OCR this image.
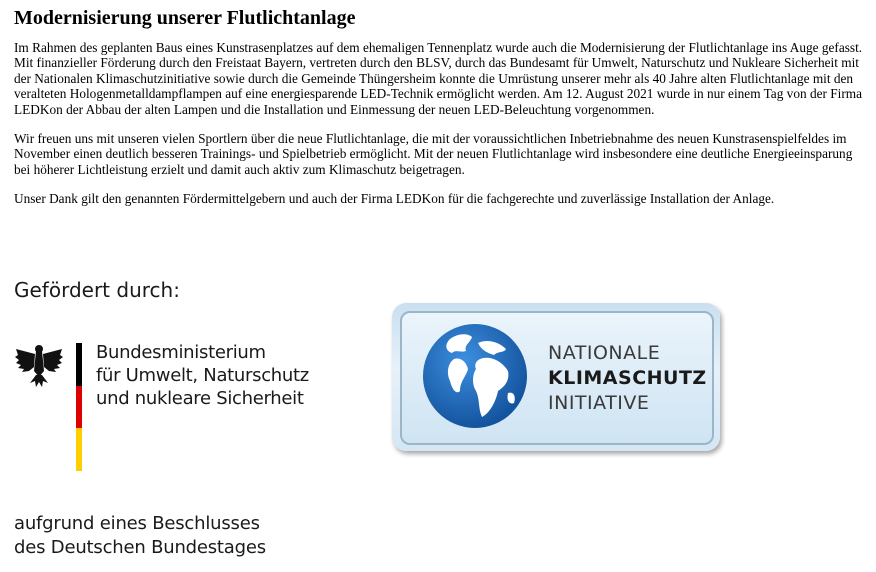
Modernisierung unserer Flutlichtanlage

Im Rahmen des geplanten Baus eines Kunstrasenplatzes auf dem ehemaligen Tennenplatz wurde auch die Modernisierung der Flutlichtanlage ins Auge gefasst. Mit finanzieller Förderung durch den Freistaat Bayern, vertreten durch den BLSV, durch das Bundesamt für Umwelt, Naturschutz und Nukleare Sicherheit mit der Nationalen Klimaschutzinitiative sowie durch die Gemeinde Thüngersheim konnte die Umrüstung unserer mehr als 40 Jahre alten Flutlichtanlage mit den veralteten Hologenmetalldampflampen auf eine energiesparende LED-Technik ermöglicht werden. Am 12. August 2021 wurde in nur einem Tag von der Firma LEDKon der Abbau der alten Lampen und die Installation und Einmessung der neuen LED-Beleuchtung vorgenommen.

Wir freuen uns mit unseren vielen Sportlern über die neue Flutlichtanlage, die mit der voraussichtlichen Inbetriebnahme des neuen Kunstrasenspielfeldes im November einen deutlich besseren Trainings- und Spielbetrieb ermöglicht. Mit der neuen Flutlichtanlage wird insbesondere eine deutliche Energieeinsparung bei höherer Lichtleistung erzielt und damit auch aktiv zum Klimaschutz beigetragen.

Unser Dank gilt den genannten Fördermittelgebern und auch der Firma LEDKon für die fachgerechte und zuverlässige Installation der Anlage.

Gefördert durch:
Bundesministerium
für Umwelt, Naturschutz
und nukleare Sicherheit
NATIONALE
KLIMASCHUTZ
INITIATIVE
aufgrund eines Beschlusses
des Deutschen Bundestages
